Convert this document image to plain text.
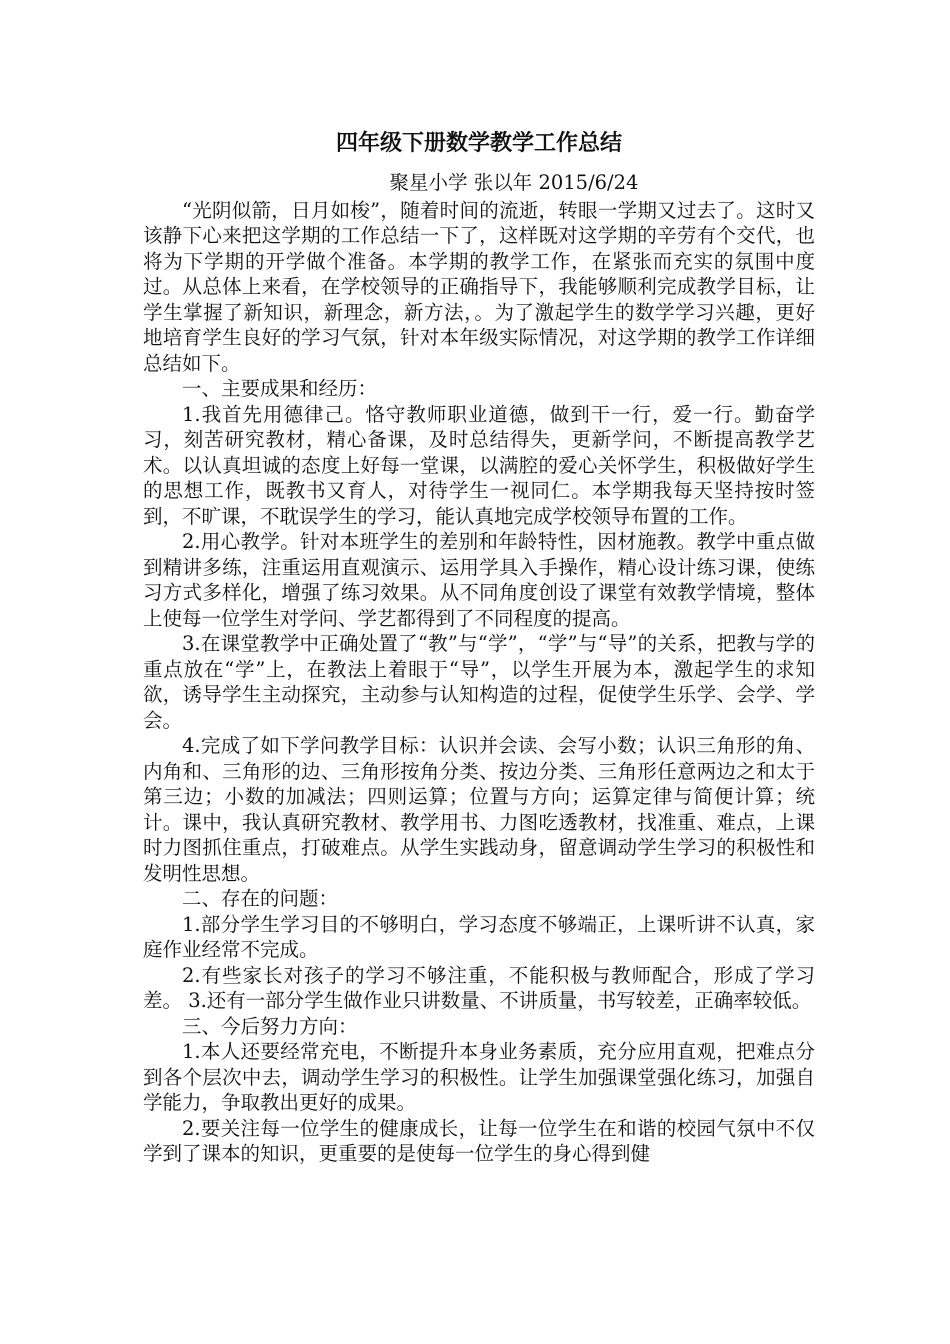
四年级下册数学教学工作总结
聚星小学 张以年 2015/6/24

“光阴似箭，日月如梭”，随着时间的流逝，转眼一学期又过去了。这时又该静下心来把这学期的工作总结一下了，这样既对这学期的辛劳有个交代，也将为下学期的开学做个准备。本学期的教学工作，在紧张而充实的氛围中度过。从总体上来看，在学校领导的正确指导下，我能够顺利完成教学目标，让学生掌握了新知识，新理念，新方法，。为了激起学生的数学学习兴趣，更好地培育学生良好的学习气氛，针对本年级实际情况，对这学期的教学工作详细总结如下。

一、主要成果和经历：

1.我首先用德律己。恪守教师职业道德，做到干一行，爱一行。勤奋学习，刻苦研究教材，精心备课，及时总结得失，更新学问，不断提高教学艺术。以认真坦诚的态度上好每一堂课，以满腔的爱心关怀学生，积极做好学生的思想工作，既教书又育人，对待学生一视同仁。本学期我每天坚持按时签到，不旷课，不耽误学生的学习，能认真地完成学校领导布置的工作。

2.用心教学。针对本班学生的差别和年龄特性，因材施教。教学中重点做到精讲多练，注重运用直观演示、运用学具入手操作，精心设计练习课，使练习方式多样化，增强了练习效果。从不同角度创设了课堂有效教学情境，整体上使每一位学生对学问、学艺都得到了不同程度的提高。

3.在课堂教学中正确处置了“教”与“学”，“学”与“导”的关系，把教与学的重点放在“学”上，在教法上着眼于“导”，以学生开展为本，激起学生的求知欲，诱导学生主动探究，主动参与认知构造的过程，促使学生乐学、会学、学会。

4.完成了如下学问教学目标：认识并会读、会写小数；认识三角形的角、内角和、三角形的边、三角形按角分类、按边分类、三角形任意两边之和太于第三边；小数的加减法；四则运算；位置与方向；运算定律与简便计算；统计。课中，我认真研究教材、教学用书、力图吃透教材，找准重、难点，上课时力图抓住重点，打破难点。从学生实践动身，留意调动学生学习的积极性和发明性思想。

二、存在的问题：

1.部分学生学习目的不够明白，学习态度不够端正，上课听讲不认真，家庭作业经常不完成。

2.有些家长对孩子的学习不够注重，不能积极与教师配合，形成了学习差。 3.还有一部分学生做作业只讲数量、不讲质量，书写较差，正确率较低。

三、今后努力方向：

1.本人还要经常充电，不断提升本身业务素质，充分应用直观，把难点分到各个层次中去，调动学生学习的积极性。让学生加强课堂强化练习，加强自学能力，争取教出更好的成果。

2.要关注每一位学生的健康成长，让每一位学生在和谐的校园气氛中不仅学到了课本的知识，更重要的是使每一位学生的身心得到健
